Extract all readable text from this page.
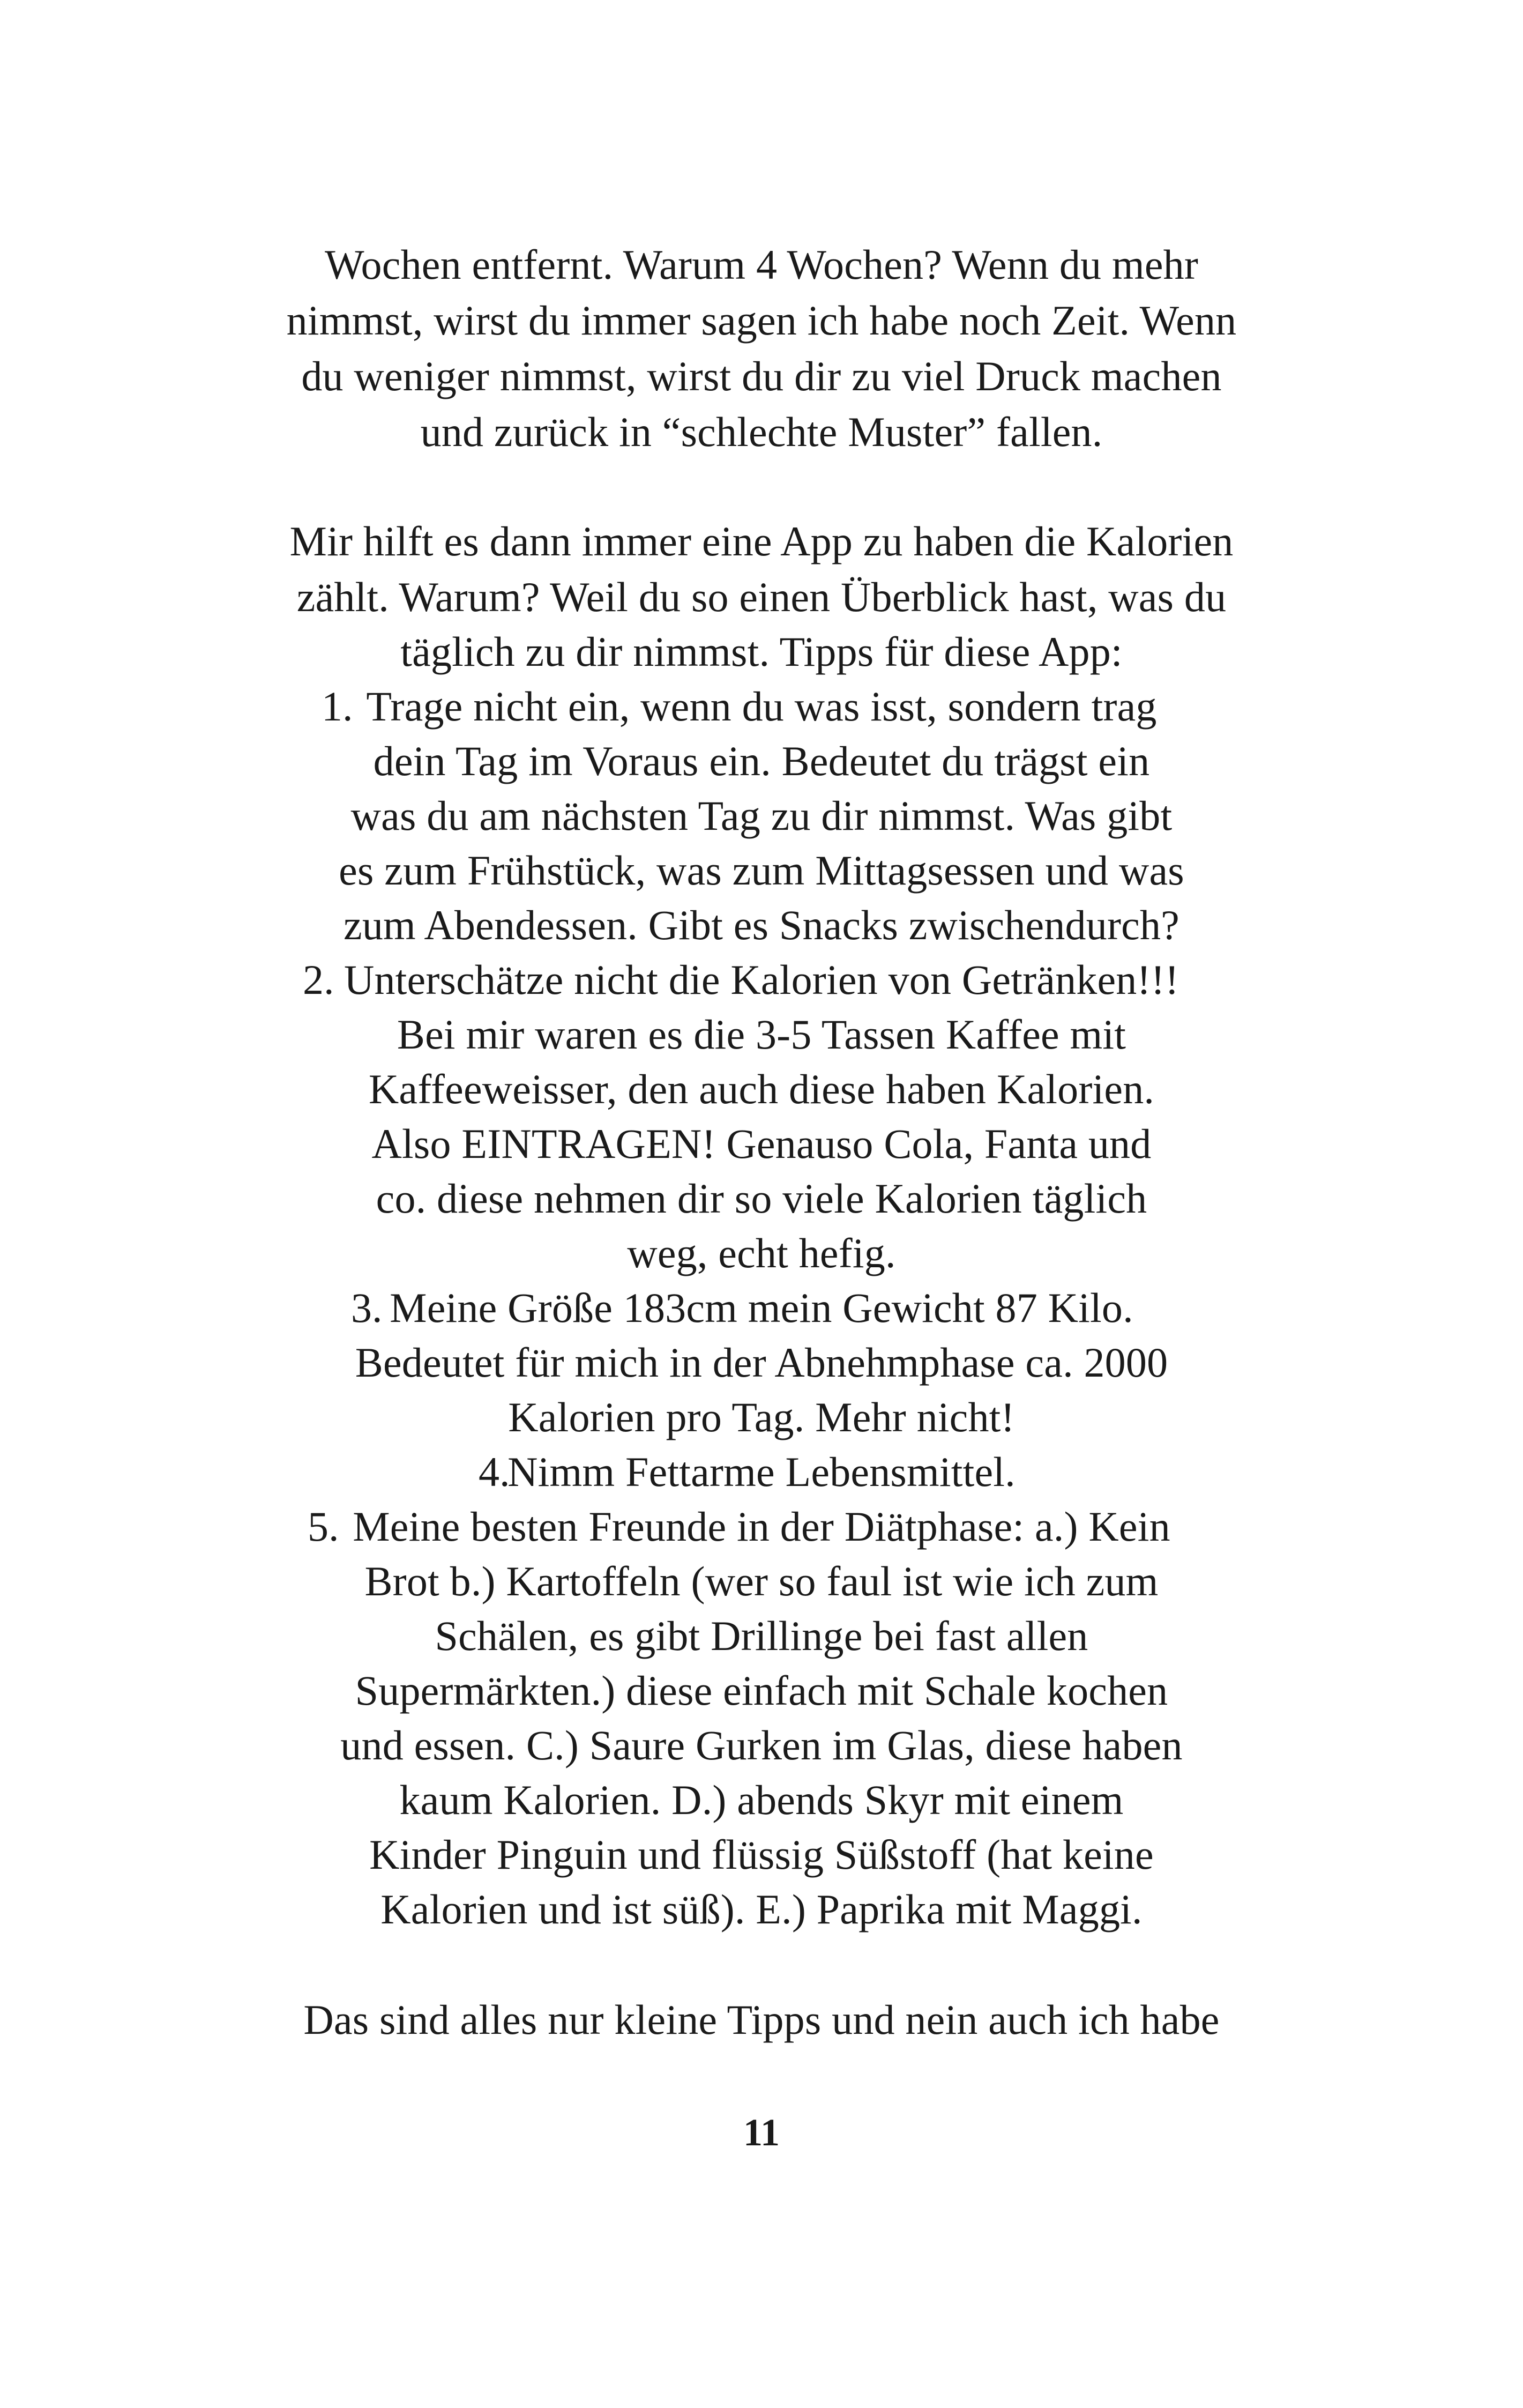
Wochen entfernt. Warum 4 Wochen? Wenn du mehr
nimmst, wirst du immer sagen ich habe noch Zeit. Wenn
du weniger nimmst, wirst du dir zu viel Druck machen
und zurück in “schlechte Muster” fallen.
Mir hilft es dann immer eine App zu haben die Kalorien
zählt. Warum? Weil du so einen Überblick hast, was du
täglich zu dir nimmst. Tipps für diese App:
1. Trage nicht ein, wenn du was isst, sondern trag
dein Tag im Voraus ein. Bedeutet du trägst ein
was du am nächsten Tag zu dir nimmst. Was gibt
es zum Frühstück, was zum Mittagsessen und was
zum Abendessen. Gibt es Snacks zwischendurch?
2. Unterschätze nicht die Kalorien von Getränken!!!
Bei mir waren es die 3-5 Tassen Kaffee mit
Kaffeeweisser, den auch diese haben Kalorien.
Also EINTRAGEN! Genauso Cola, Fanta und
co. diese nehmen dir so viele Kalorien täglich
weg, echt hefig.
3. Meine Größe 183cm mein Gewicht 87 Kilo.
Bedeutet für mich in der Abnehmphase ca. 2000
Kalorien pro Tag. Mehr nicht!
4.
Nimm Fettarme Lebensmittel.
5. Meine besten Freunde in der Diätphase: a.) Kein
Brot b.) Kartoffeln (wer so faul ist wie ich zum
Schälen, es gibt Drillinge bei fast allen
Supermärkten.) diese einfach mit Schale kochen
und essen. C.) Saure Gurken im Glas, diese haben
kaum Kalorien. D.) abends Skyr mit einem
Kinder Pinguin und flüssig Süßstoff (hat keine
Kalorien und ist süß). E.) Paprika mit Maggi.
Das sind alles nur kleine Tipps und nein auch ich habe
11
